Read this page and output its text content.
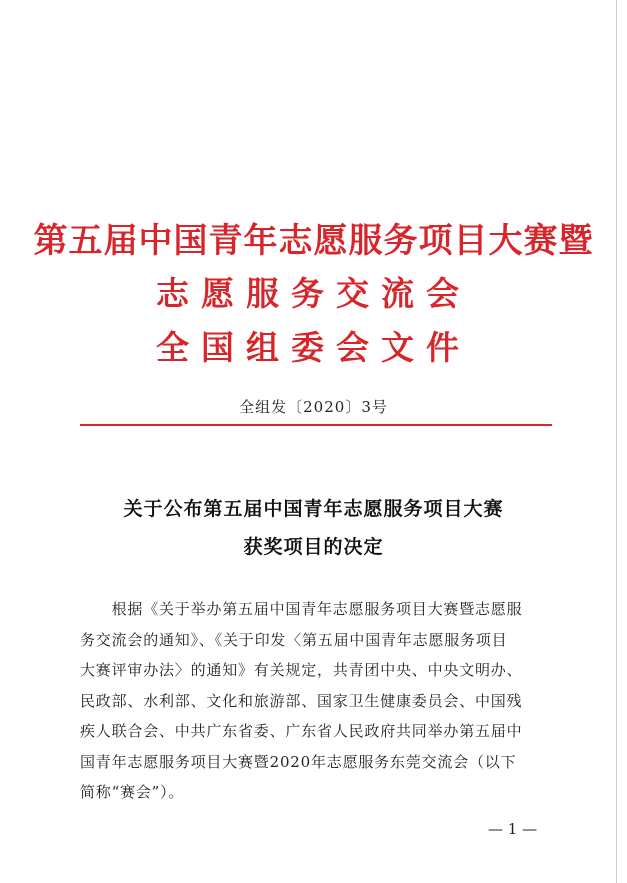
第五届中国青年志愿服务项目大赛暨
志愿服务交流会
全国组委会文件
全组发〔2020〕3号
关于公布第五届中国青年志愿服务项目大赛
获奖项目的决定
　　根据《关于举办第五届中国青年志愿服务项目大赛暨志愿服
务交流会的通知》、《关于印发〈第五届中国青年志愿服务项目
大赛评审办法〉的通知》有关规定，共青团中央、中央文明办、
民政部、水利部、文化和旅游部、国家卫生健康委员会、中国残
疾人联合会、中共广东省委、广东省人民政府共同举办第五届中
国青年志愿服务项目大赛暨2020年志愿服务东莞交流会（以下
简称“赛会”）。
— 1 —
